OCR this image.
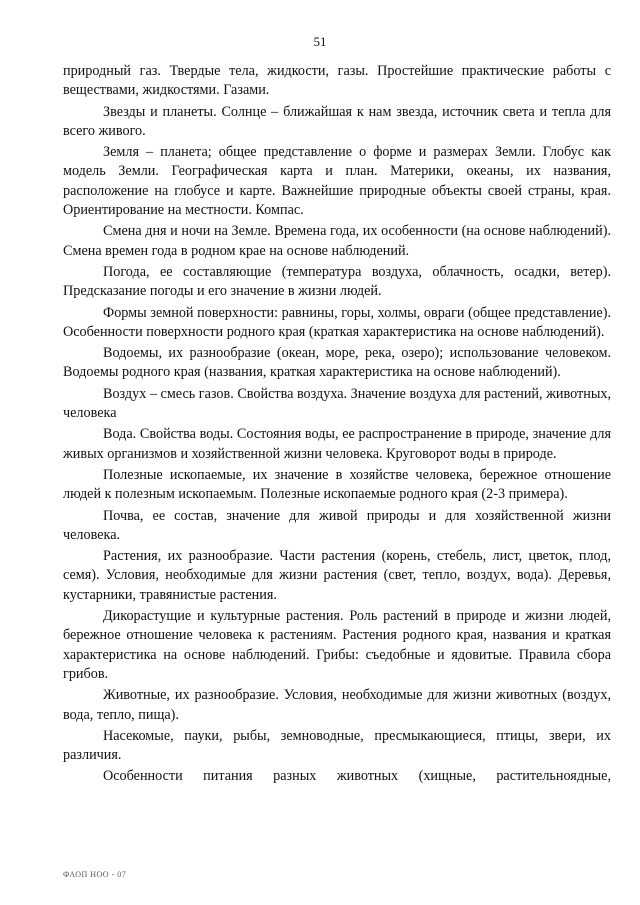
51

природный газ. Твердые тела, жидкости, газы. Простейшие практические работы с веществами, жидкостями. Газами.

Звезды и планеты. Солнце – ближайшая к нам звезда, источник света и тепла для всего живого.

Земля – планета; общее представление о форме и размерах Земли. Глобус как модель Земли. Географическая карта и план. Материки, океаны, их названия, расположение на глобусе и карте. Важнейшие природные объекты своей страны, края. Ориентирование на местности. Компас.

Смена дня и ночи на Земле. Времена года, их особенности (на основе наблюдений). Смена времен года в родном крае на основе наблюдений.

Погода, ее составляющие (температура воздуха, облачность, осадки, ветер). Предсказание погоды и его значение в жизни людей.

Формы земной поверхности: равнины, горы, холмы, овраги (общее представление). Особенности поверхности родного края (краткая характеристика на основе наблюдений).

Водоемы, их разнообразие (океан, море, река, озеро); использование человеком. Водоемы родного края (названия, краткая характеристика на основе наблюдений).

Воздух – смесь газов. Свойства воздуха. Значение воздуха для растений, животных, человека

Вода. Свойства воды. Состояния воды, ее распространение в природе, значение для живых организмов и хозяйственной жизни человека. Круговорот воды в природе.

Полезные ископаемые, их значение в хозяйстве человека, бережное отношение людей к полезным ископаемым. Полезные ископаемые родного края (2-3 примера).

Почва, ее состав, значение для живой природы и для хозяйственной жизни человека.

Растения, их разнообразие. Части растения (корень, стебель, лист, цветок, плод, семя). Условия, необходимые для жизни растения (свет, тепло, воздух, вода). Деревья, кустарники, травянистые растения.

Дикорастущие и культурные растения. Роль растений в природе и жизни людей, бережное отношение человека к растениям. Растения родного края, названия и краткая характеристика на основе наблюдений. Грибы: съедобные и ядовитые. Правила сбора грибов.

Животные, их разнообразие. Условия, необходимые для жизни животных (воздух, вода, тепло, пища).

Насекомые, пауки, рыбы, земноводные, пресмыкающиеся, птицы, звери, их различия.

Особенности питания разных животных (хищные, растительноядные,

ФАОП НОО - 07
